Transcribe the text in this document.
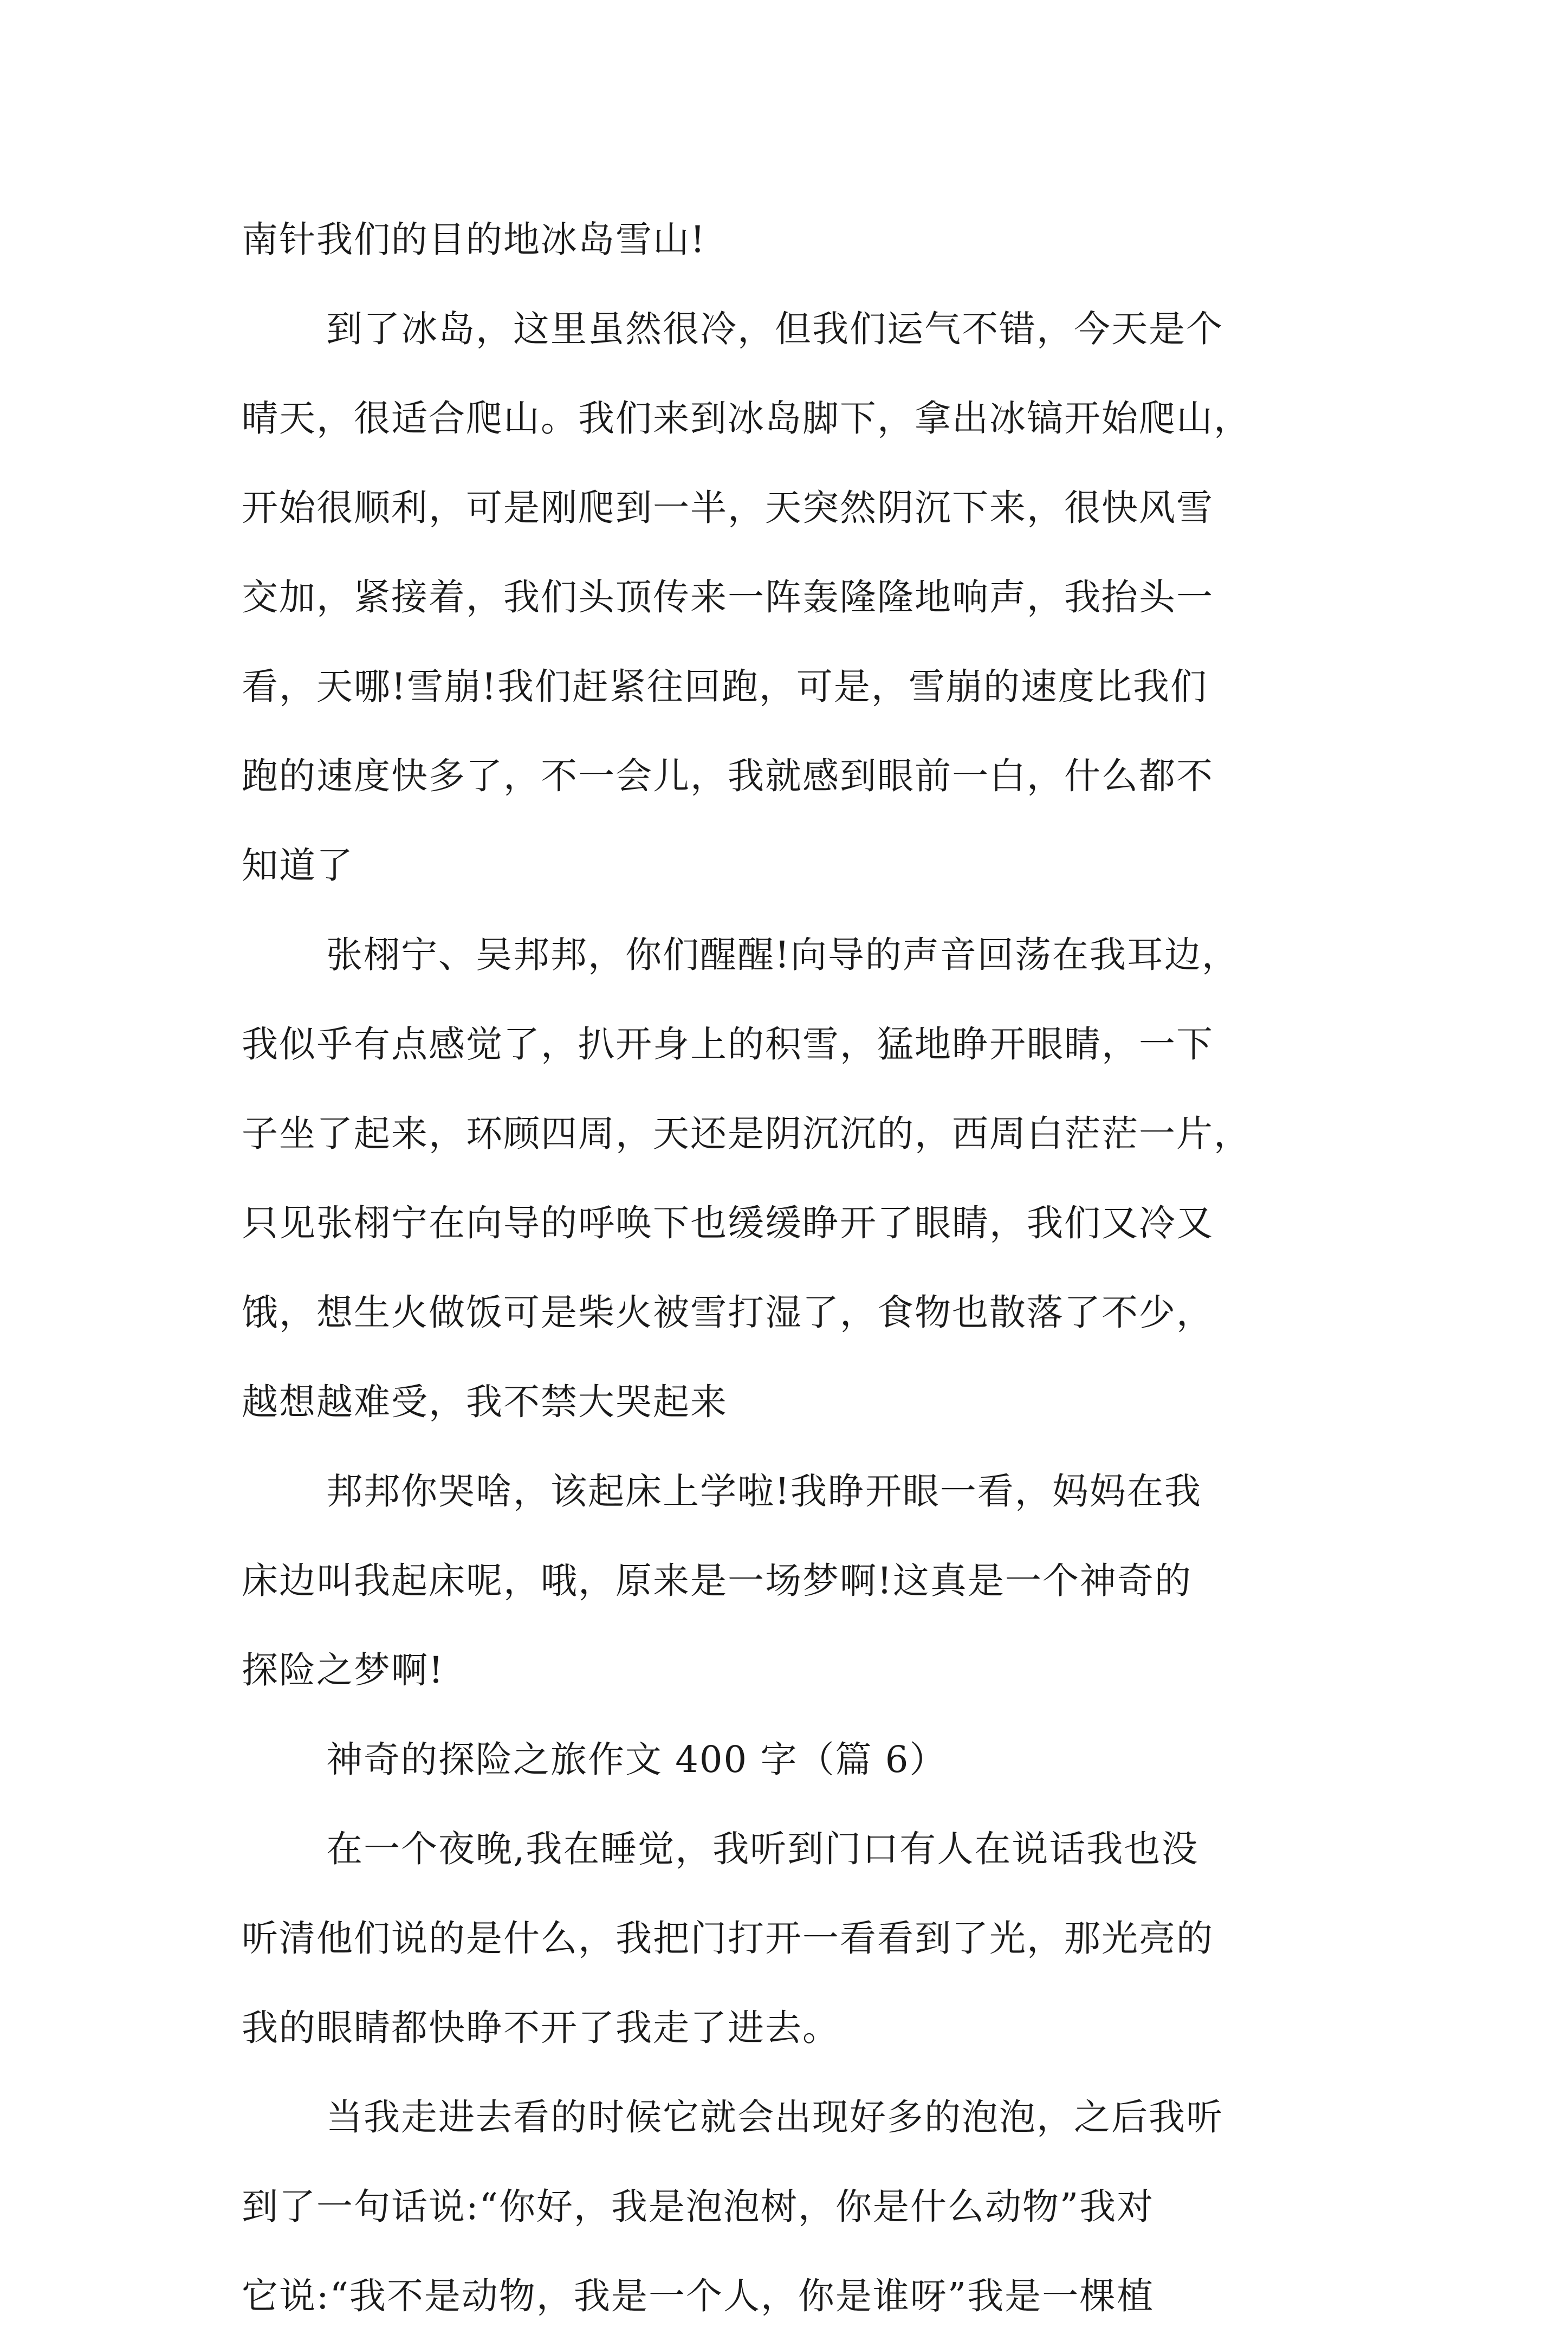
南针我们的目的地冰岛雪山!
到了冰岛，这里虽然很冷，但我们运气不错，今天是个
晴天，很适合爬山。我们来到冰岛脚下，拿出冰镐开始爬山，
开始很顺利，可是刚爬到一半，天突然阴沉下来，很快风雪
交加，紧接着，我们头顶传来一阵轰隆隆地响声，我抬头一
看，天哪!雪崩!我们赶紧往回跑，可是，雪崩的速度比我们
跑的速度快多了，不一会儿，我就感到眼前一白，什么都不
知道了
张栩宁、吴邦邦，你们醒醒!向导的声音回荡在我耳边，
我似乎有点感觉了，扒开身上的积雪，猛地睁开眼睛，一下
子坐了起来，环顾四周，天还是阴沉沉的，西周白茫茫一片，
只见张栩宁在向导的呼唤下也缓缓睁开了眼睛，我们又冷又
饿，想生火做饭可是柴火被雪打湿了，食物也散落了不少，
越想越难受，我不禁大哭起来
邦邦你哭啥，该起床上学啦!我睁开眼一看，妈妈在我
床边叫我起床呢，哦，原来是一场梦啊!这真是一个神奇的
探险之梦啊!
神奇的探险之旅作文 400 字（篇 6）
在一个夜晚,我在睡觉，我听到门口有人在说话我也没
听清他们说的是什么，我把门打开一看看到了光，那光亮的
我的眼睛都快睁不开了我走了进去。
当我走进去看的时候它就会出现好多的泡泡，之后我听
到了一句话说:“你好，我是泡泡树，你是什么动物”我对
它说:“我不是动物，我是一个人，你是谁呀”我是一棵植
